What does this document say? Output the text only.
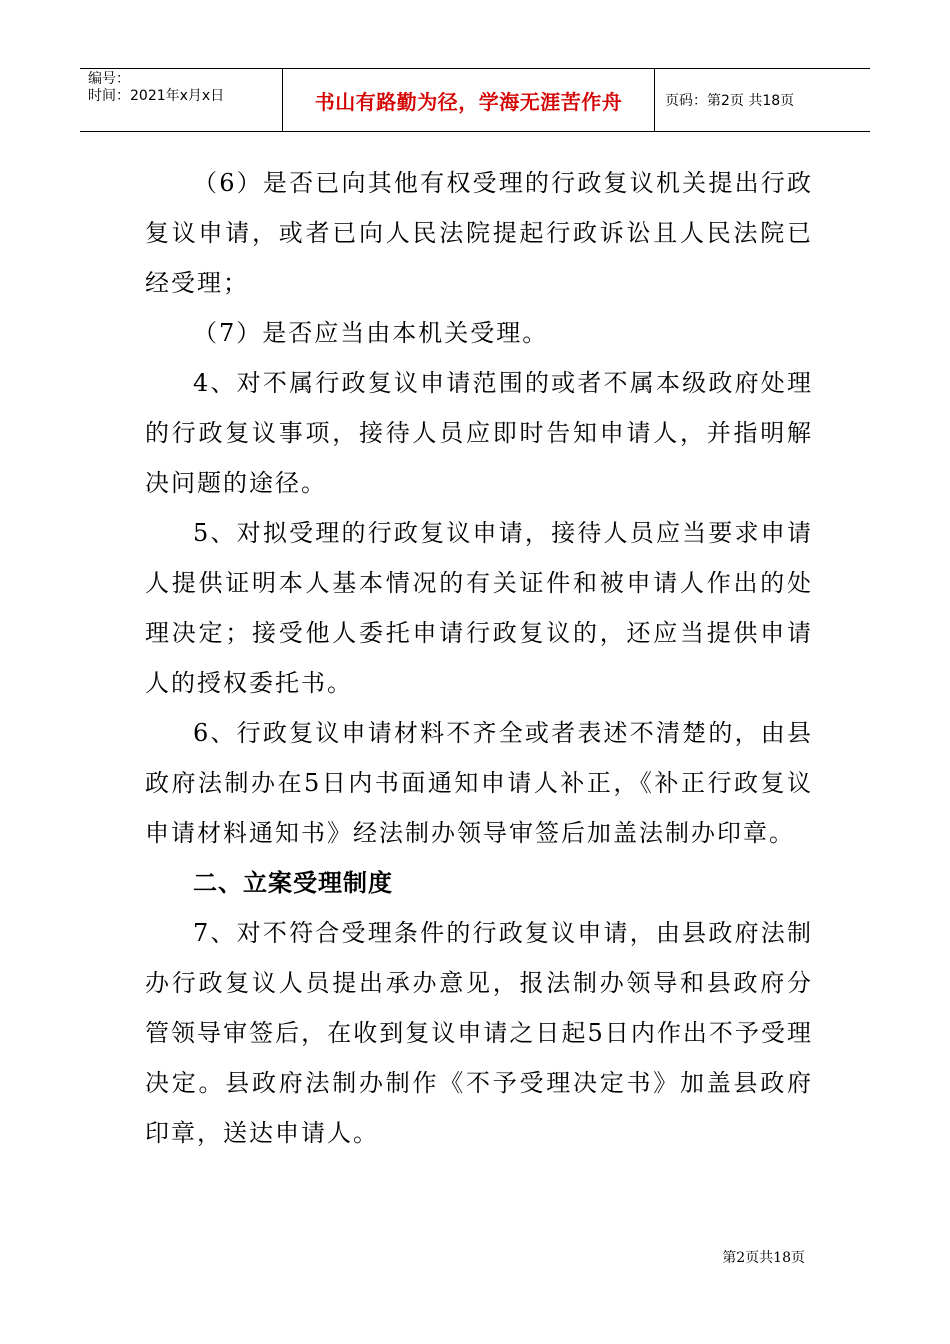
编号：
时间：2021年x月x日	书山有路勤为径，学海无涯苦作舟	页码：第2页 共18页

（6）是否已向其他有权受理的行政复议机关提出行政复议申请，或者已向人民法院提起行政诉讼且人民法院已经受理；

（7）是否应当由本机关受理。

4、对不属行政复议申请范围的或者不属本级政府处理的行政复议事项，接待人员应即时告知申请人，并指明解决问题的途径。

5、对拟受理的行政复议申请，接待人员应当要求申请人提供证明本人基本情况的有关证件和被申请人作出的处理决定；接受他人委托申请行政复议的，还应当提供申请人的授权委托书。

6、行政复议申请材料不齐全或者表述不清楚的，由县政府法制办在5日内书面通知申请人补正，《补正行政复议申请材料通知书》经法制办领导审签后加盖法制办印章。

二、立案受理制度

7、对不符合受理条件的行政复议申请，由县政府法制办行政复议人员提出承办意见，报法制办领导和县政府分管领导审签后，在收到复议申请之日起5日内作出不予受理决定。县政府法制办制作《不予受理决定书》加盖县政府印章，送达申请人。

第2页共18页
